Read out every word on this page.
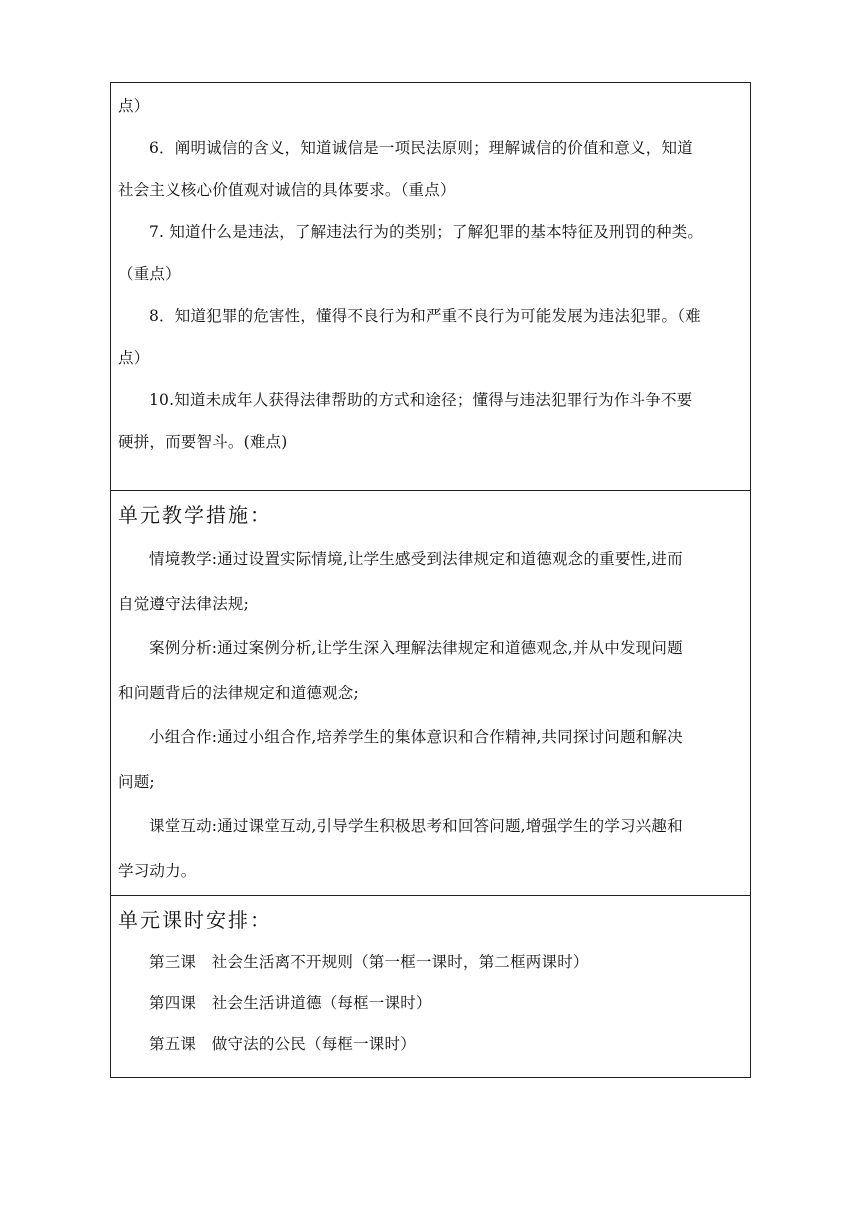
点）

6．阐明诚信的含义，知道诚信是一项民法原则；理解诚信的价值和意义，知道

社会主义核心价值观对诚信的具体要求。（重点）

7. 知道什么是违法，了解违法行为的类别；了解犯罪的基本特征及刑罚的种类。

（重点）

8．知道犯罪的危害性，懂得不良行为和严重不良行为可能发展为违法犯罪。（难

点）

10.知道未成年人获得法律帮助的方式和途径；懂得与违法犯罪行为作斗争不要

硬拼，而要智斗。(难点)

单元教学措施：

情境教学:通过设置实际情境,让学生感受到法律规定和道德观念的重要性,进而

自觉遵守法律法规;

案例分析:通过案例分析,让学生深入理解法律规定和道德观念,并从中发现问题

和问题背后的法律规定和道德观念;

小组合作:通过小组合作,培养学生的集体意识和合作精神,共同探讨问题和解决

问题;

课堂互动:通过课堂互动,引导学生积极思考和回答问题,增强学生的学习兴趣和

学习动力。

单元课时安排：

第三课　社会生活离不开规则（第一框一课时，第二框两课时）

第四课　社会生活讲道德（每框一课时）

第五课　做守法的公民（每框一课时）
